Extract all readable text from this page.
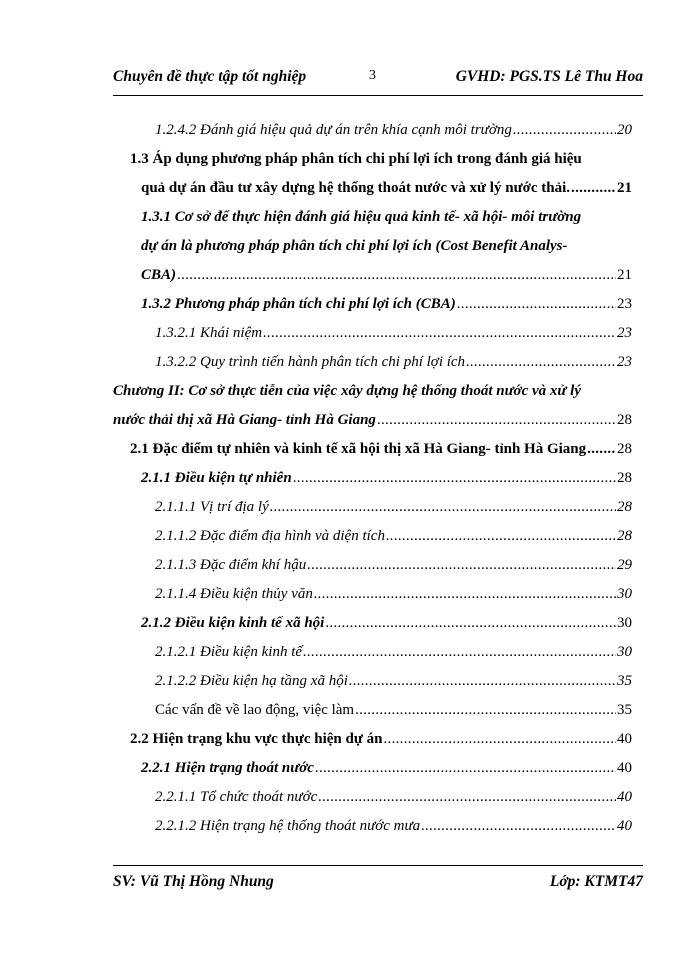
Chuyên đề thực tập tốt nghiệp	3	GVHD: PGS.TS Lê Thu Hoa
1.2.4.2 Đánh giá hiệu quả dự án trên khía cạnh môi trường .....	20
1.3 Áp dụng phương pháp phân tích chi phí lợi ích trong đánh giá hiệu
quả dự án đầu tư xây dựng hệ thống thoát nước và xử lý nước thải. .....	21
1.3.1 Cơ sở để thực hiện đánh giá hiệu quả kinh tế- xã hội- môi trường
dự án là phương pháp phân tích chi phí lợi ích (Cost Benefit Analys-
CBA) .....	21
1.3.2 Phương pháp phân tích chi phí lợi ích (CBA) .....	23
1.3.2.1 Khái niệm .....	23
1.3.2.2 Quy trình tiến hành phân tích chi phí lợi ích .....	23
Chương II: Cơ sở thực tiễn của việc xây dựng hệ thống thoát nước và xử lý
nước thải thị xã Hà Giang- tỉnh Hà Giang .....	28
2.1 Đặc điểm tự nhiên và kinh tế xã hội thị xã Hà Giang- tỉnh Hà Giang ..... 28
2.1.1 Điều kiện tự nhiên .....	28
2.1.1.1 Vị trí địa lý .....	28
2.1.1.2 Đặc điểm địa hình và diện tích .....	28
2.1.1.3 Đặc điểm khí hậu .....	29
2.1.1.4 Điều kiện thủy văn .....	30
2.1.2 Điều kiện kinh tế xã hội .....	30
2.1.2.1 Điều kiện kinh tế .....	30
2.1.2.2 Điều kiện hạ tầng xã hội .....	35
Các vấn đề về lao động, việc làm .....	35
2.2 Hiện trạng khu vực thực hiện dự án .....	40
2.2.1 Hiện trạng thoát nước .....	40
2.2.1.1 Tổ chức thoát nước .....	40
2.2.1.2 Hiện trạng hệ thống thoát nước mưa .....	40
SV: Vũ Thị Hồng Nhung	Lớp: KTMT47
